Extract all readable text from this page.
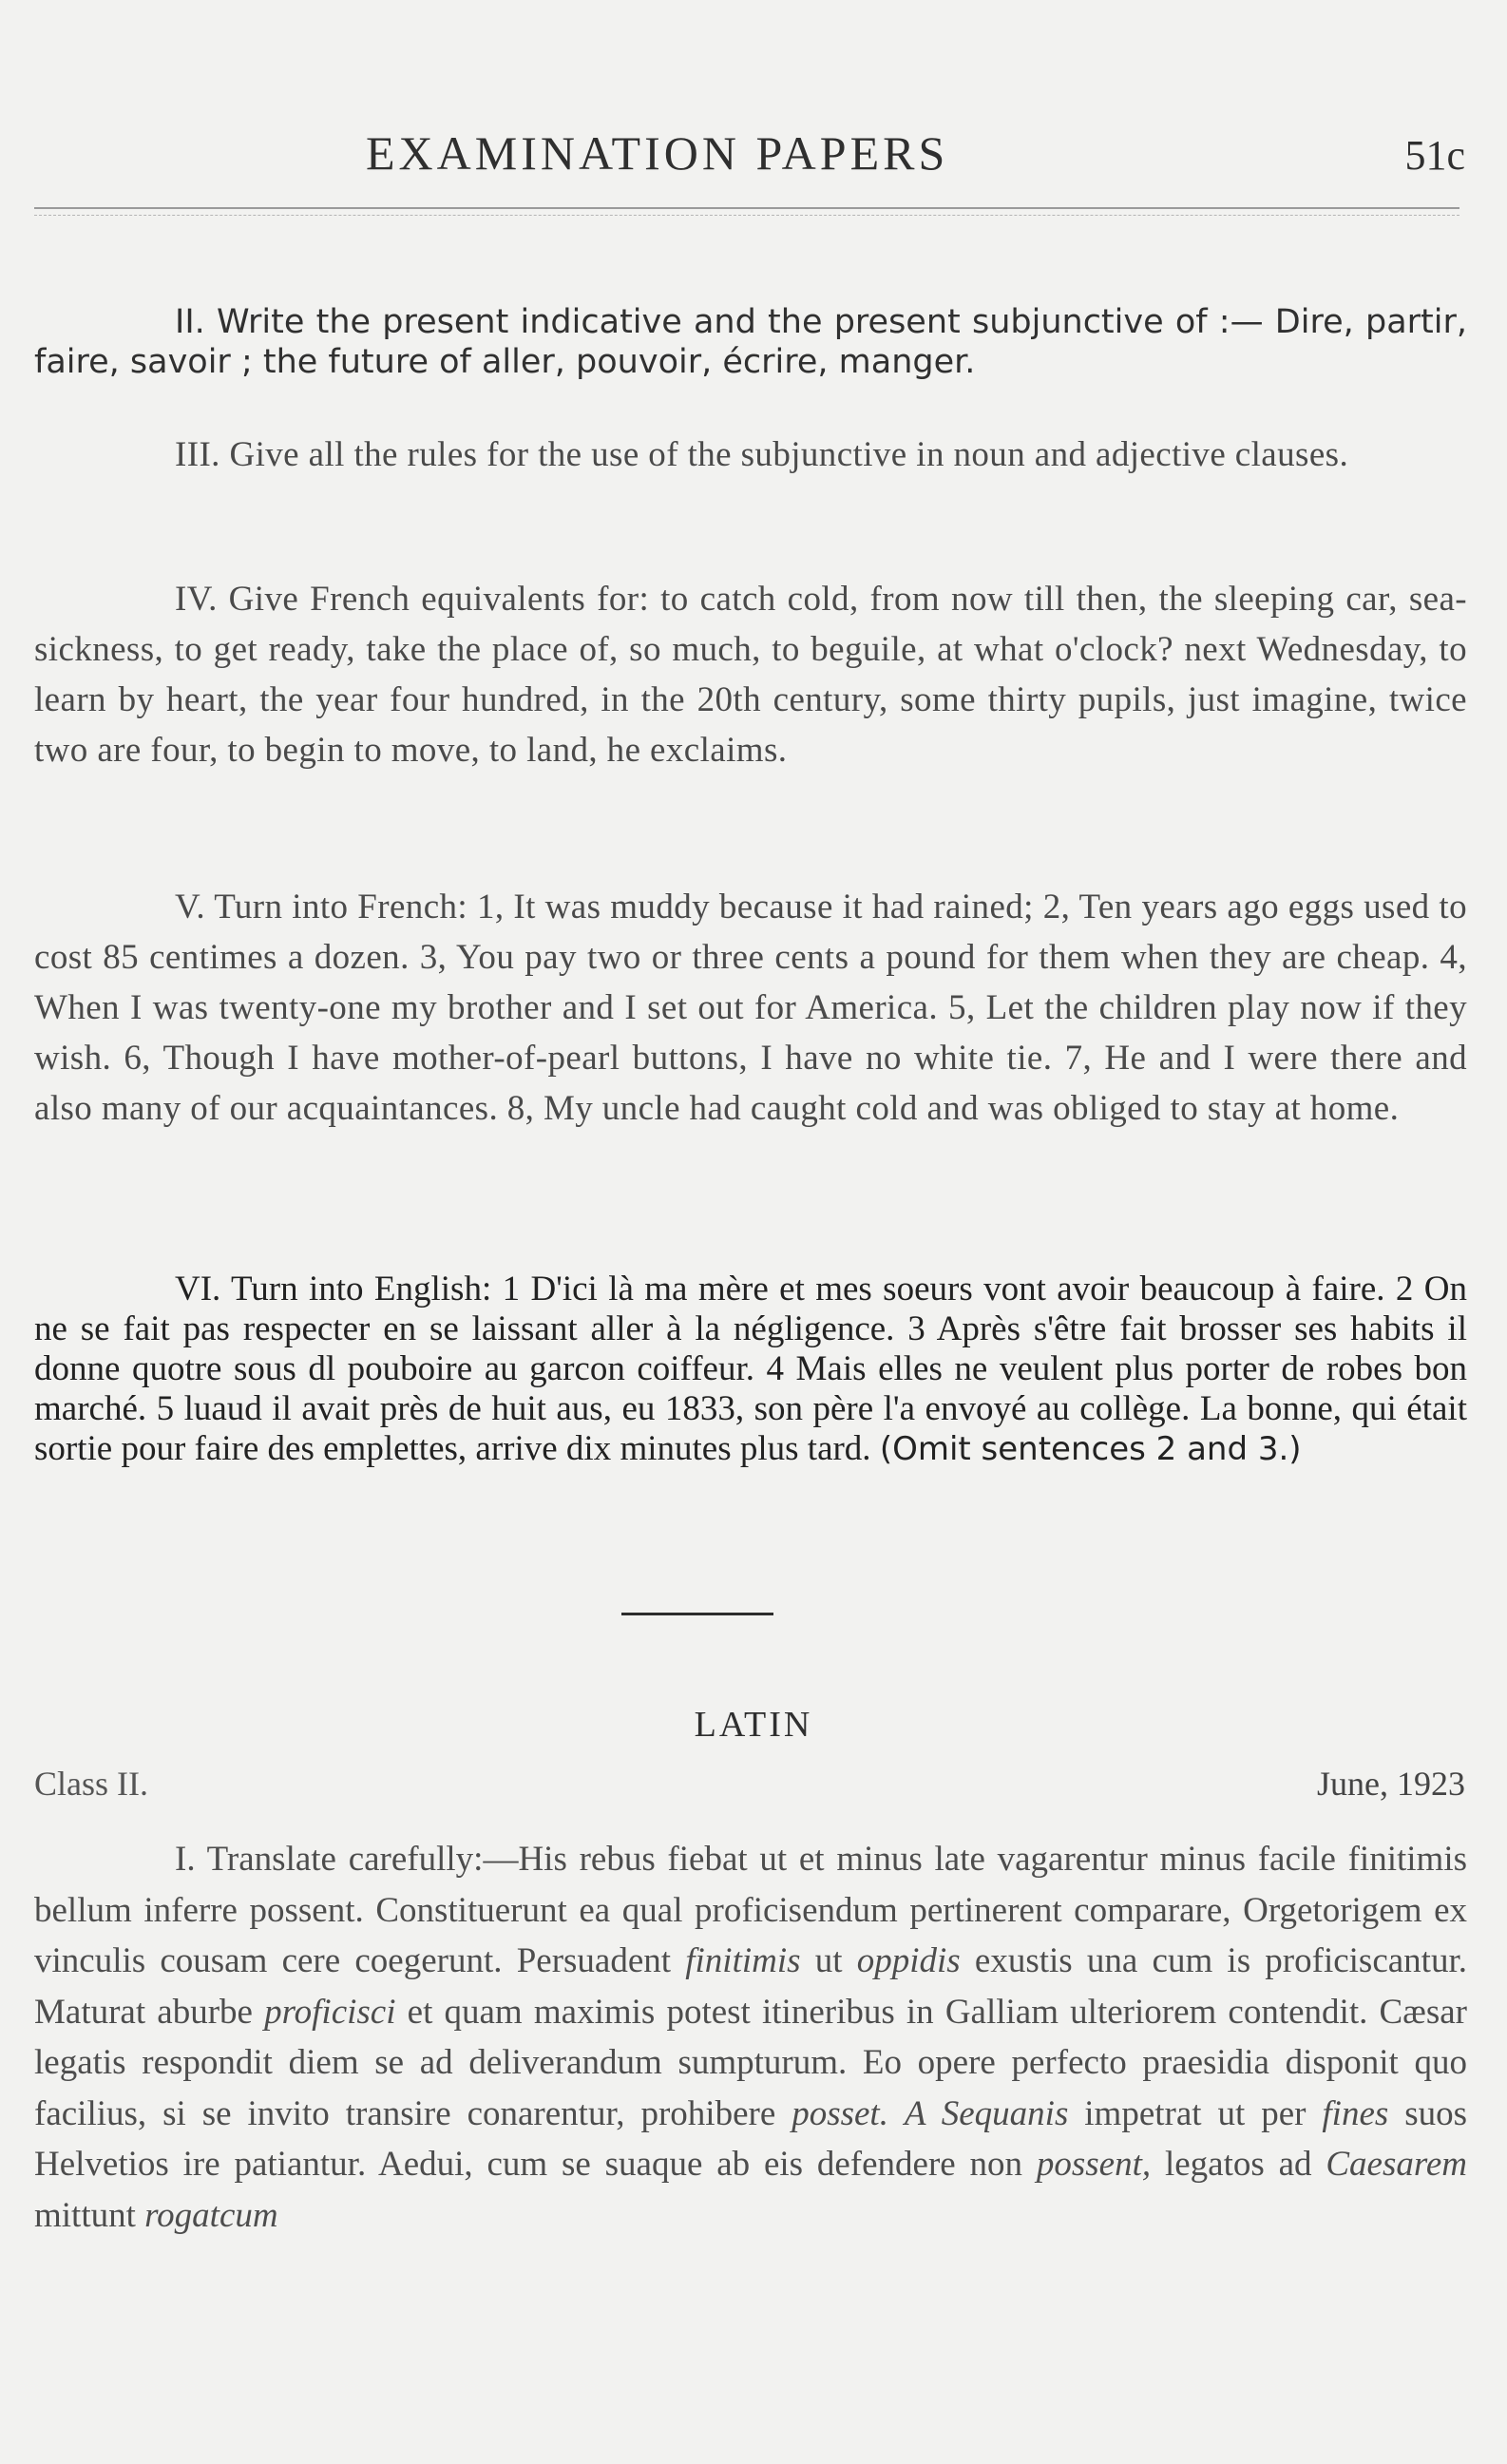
EXAMINATION PAPERS	51c

II. Write the present indicative and the present subjunctive of :— Dire, partir, faire, savoir ; the future of aller, pouvoir, écrire, manger.

III. Give all the rules for the use of the subjunctive in noun and adjective clauses.

IV. Give French equivalents for: to catch cold, from now till then, the sleeping car, sea-sickness, to get ready, take the place of, so much, to beguile, at what o'clock? next Wednesday, to learn by heart, the year four hundred, in the 20th century, some thirty pupils, just imagine, twice two are four, to begin to move, to land, he exclaims.

V. Turn into French: 1, It was muddy because it had rained; 2, Ten years ago eggs used to cost 85 centimes a dozen. 3, You pay two or three cents a pound for them when they are cheap. 4, When I was twenty-one my brother and I set out for America. 5, Let the children play now if they wish. 6, Though I have mother-of-pearl buttons, I have no white tie. 7, He and I were there and also many of our acquaintances. 8, My uncle had caught cold and was obliged to stay at home.

VI. Turn into English: 1 D'ici là ma mère et mes soeurs vont avoir beaucoup à faire. 2 On ne se fait pas respecter en se laissant aller à la négligence. 3 Après s'être fait brosser ses habits il donne quotre sous dl pouboire au garcon coiffeur. 4 Mais elles ne veulent plus porter de robes bon marché. 5 luaud il avait près de huit aus, eu 1833, son père l'a envoyé au collège. La bonne, qui était sortie pour faire des emplettes, arrive dix minutes plus tard. (Omit sentences 2 and 3.)

LATIN
Class II.	June, 1923

I. Translate carefully:—His rebus fiebat ut et minus late vagarentur minus facile finitimis bellum inferre possent. Constituerunt ea qual proficisendum pertinerent comparare, Orgetorigem ex vinculis cousam cere coegerunt. Persuadent finitimis ut oppidis exustis una cum is proficiscantur. Maturat aburbe proficisci et quam maximis potest itineribus in Galliam ulteriorem contendit. Cæsar legatis respondit diem se ad deliverandum sumpturum. Eo opere perfecto praesidia disponit quo facilius, si se invito transire conarentur, prohibere posset. A Sequanis impetrat ut per fines suos Helvetios ire patiantur. Aedui, cum se suaque ab eis defendere non possent, legatos ad Caesarem mittunt rogatcum
